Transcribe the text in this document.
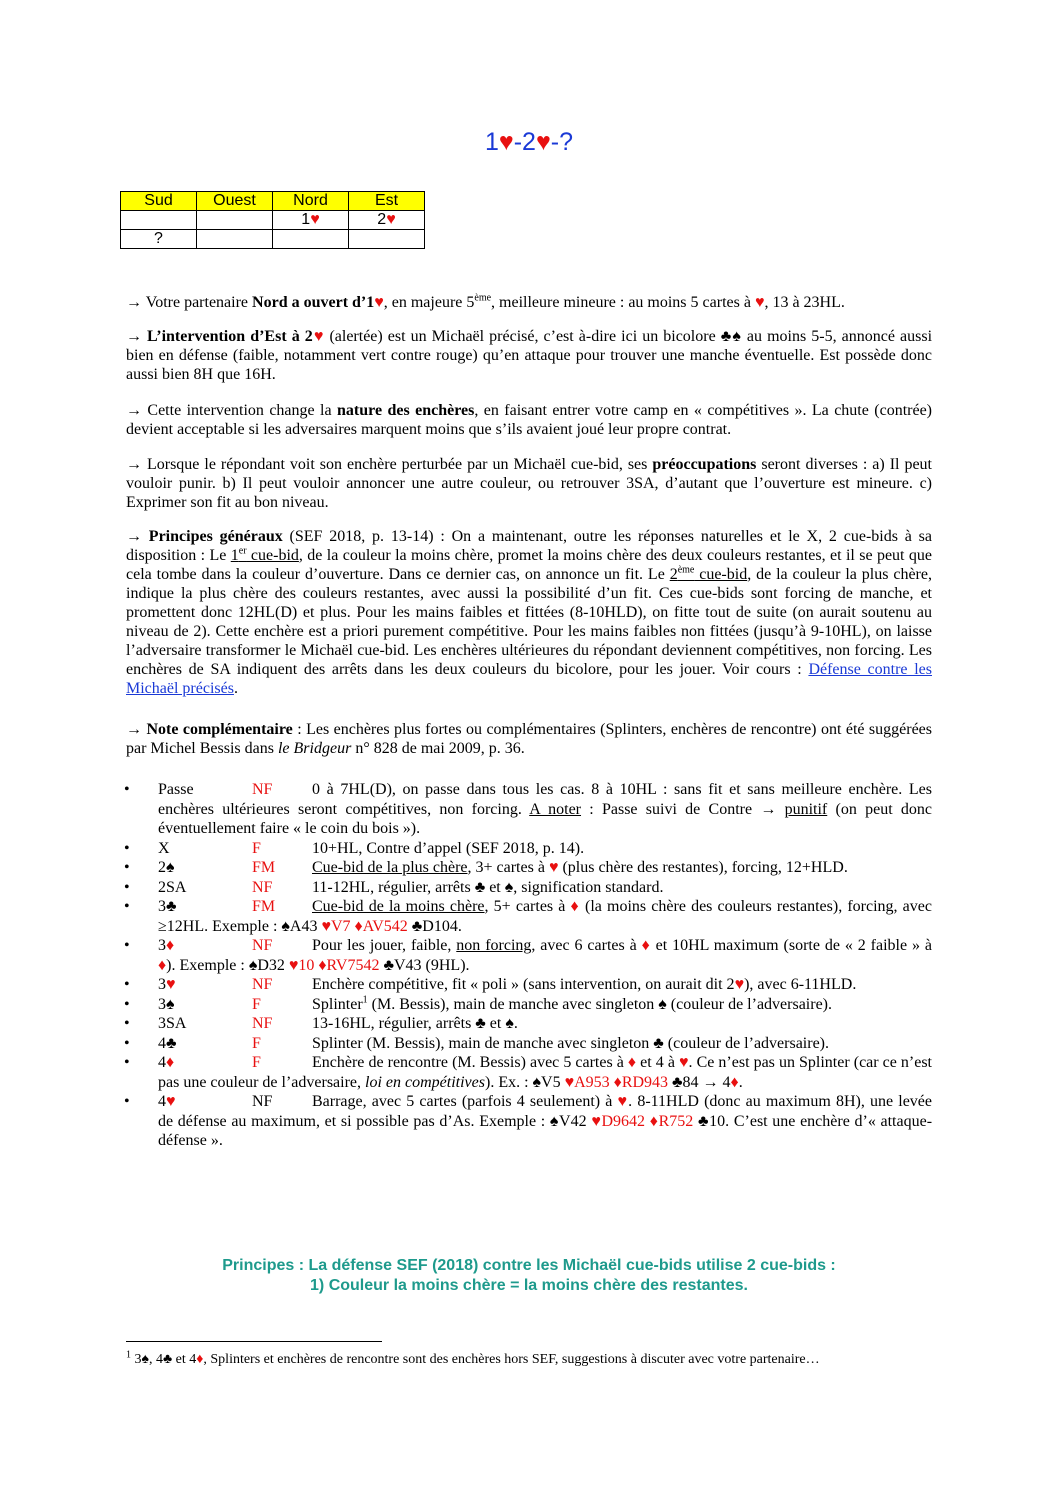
1♥-2♥-?
Sud	Ouest	Nord	Est
		1♥	2♥
?			
→ Votre partenaire Nord a ouvert d’1♥, en majeure 5ème, meilleure mineure : au moins 5 cartes à ♥, 13 à 23HL.
→ L’intervention d’Est à 2♥ (alertée) est un Michaël précisé, c’est à-dire ici un bicolore ♣♠ au moins 5-5, annoncé aussi bien en défense (faible, notamment vert contre rouge) qu’en attaque pour trouver une manche éventuelle. Est possède donc aussi bien 8H que 16H.
→ Cette intervention change la nature des enchères, en faisant entrer votre camp en « compétitives ». La chute (contrée) devient acceptable si les adversaires marquent moins que s’ils avaient joué leur propre contrat.
→ Lorsque le répondant voit son enchère perturbée par un Michaël cue-bid, ses préoccupations seront diverses : a) Il peut vouloir punir. b) Il peut vouloir annoncer une autre couleur, ou retrouver 3SA, d’autant que l’ouverture est mineure. c) Exprimer son fit au bon niveau.
→ Principes généraux (SEF 2018, p. 13-14) : On a maintenant, outre les réponses naturelles et le X, 2 cue-bids à sa disposition : Le 1er cue-bid, de la couleur la moins chère, promet la moins chère des deux couleurs restantes, et il se peut que cela tombe dans la couleur d’ouverture. Dans ce dernier cas, on annonce un fit. Le 2ème cue-bid, de la couleur la plus chère, indique la plus chère des couleurs restantes, avec aussi la possibilité d’un fit. Ces cue-bids sont forcing de manche, et promettent donc 12HL(D) et plus. Pour les mains faibles et fittées (8-10HLD), on fitte tout de suite (on aurait soutenu au niveau de 2). Cette enchère est a priori purement compétitive. Pour les mains faibles non fittées (jusqu’à 9-10HL), on laisse l’adversaire transformer le Michaël cue-bid. Les enchères ultérieures du répondant deviennent compétitives, non forcing. Les enchères de SA indiquent des arrêts dans les deux couleurs du bicolore, pour les jouer. Voir cours : Défense contre les Michaël précisés.
→ Note complémentaire : Les enchères plus fortes ou complémentaires (Splinters, enchères de rencontre) ont été suggérées par Michel Bessis dans le Bridgeur n° 828 de mai 2009, p. 36.
•	Passe	NF 0 à 7HL(D), on passe dans tous les cas. 8 à 10HL : sans fit et sans meilleure enchère. Les enchères ultérieures seront compétitives, non forcing. A noter : Passe suivi de Contre → punitif (on peut donc éventuellement faire « le coin du bois »).
•	X	F	10+HL, Contre d’appel (SEF 2018, p. 14).
•	2♠	FM Cue-bid de la plus chère, 3+ cartes à ♥ (plus chère des restantes), forcing, 12+HLD.
•	2SA	NF 11-12HL, régulier, arrêts ♣ et ♠, signification standard.
•	3♣	FM Cue-bid de la moins chère, 5+ cartes à ♦ (la moins chère des couleurs restantes), forcing, avec ≥12HL. Exemple : ♠A43 ♥V7 ♦AV542 ♣D104.
•	3♦	NF Pour les jouer, faible, non forcing, avec 6 cartes à ♦ et 10HL maximum (sorte de « 2 faible » à ♦). Exemple : ♠D32 ♥10 ♦RV7542 ♣V43 (9HL).
•	3♥	NF Enchère compétitive, fit « poli » (sans intervention, on aurait dit 2♥), avec 6-11HLD.
•	3♠	F	Splinter$^1$ (M. Bessis), main de manche avec singleton ♠ (couleur de l’adversaire).
•	3SA	NF 13-16HL, régulier, arrêts ♣ et ♠.
•	4♣	F	Splinter (M. Bessis), main de manche avec singleton ♣ (couleur de l’adversaire).
•	4♦	F	Enchère de rencontre (M. Bessis) avec 5 cartes à ♦ et 4 à ♥. Ce n’est pas un Splinter (car ce n’est pas une couleur de l’adversaire, loi en compétitives). Ex. : ♠V5 ♥A953 ♦RD943 ♣84 → 4♦.
•	4♥	NF Barrage, avec 5 cartes (parfois 4 seulement) à ♥. 8-11HLD (donc au maximum 8H), une levée de défense au maximum, et si possible pas d’As. Exemple : ♠V42 ♥D9642 ♦R752 ♣10. C’est une enchère d’« attaque-défense ».
Principes : La défense SEF (2018) contre les Michaël cue-bids utilise 2 cue-bids :
1) Couleur la moins chère = la moins chère des restantes.
$^1$ 3♠, 4♣ et 4♦, Splinters et enchères de rencontre sont des enchères hors SEF, suggestions à discuter avec votre partenaire…
